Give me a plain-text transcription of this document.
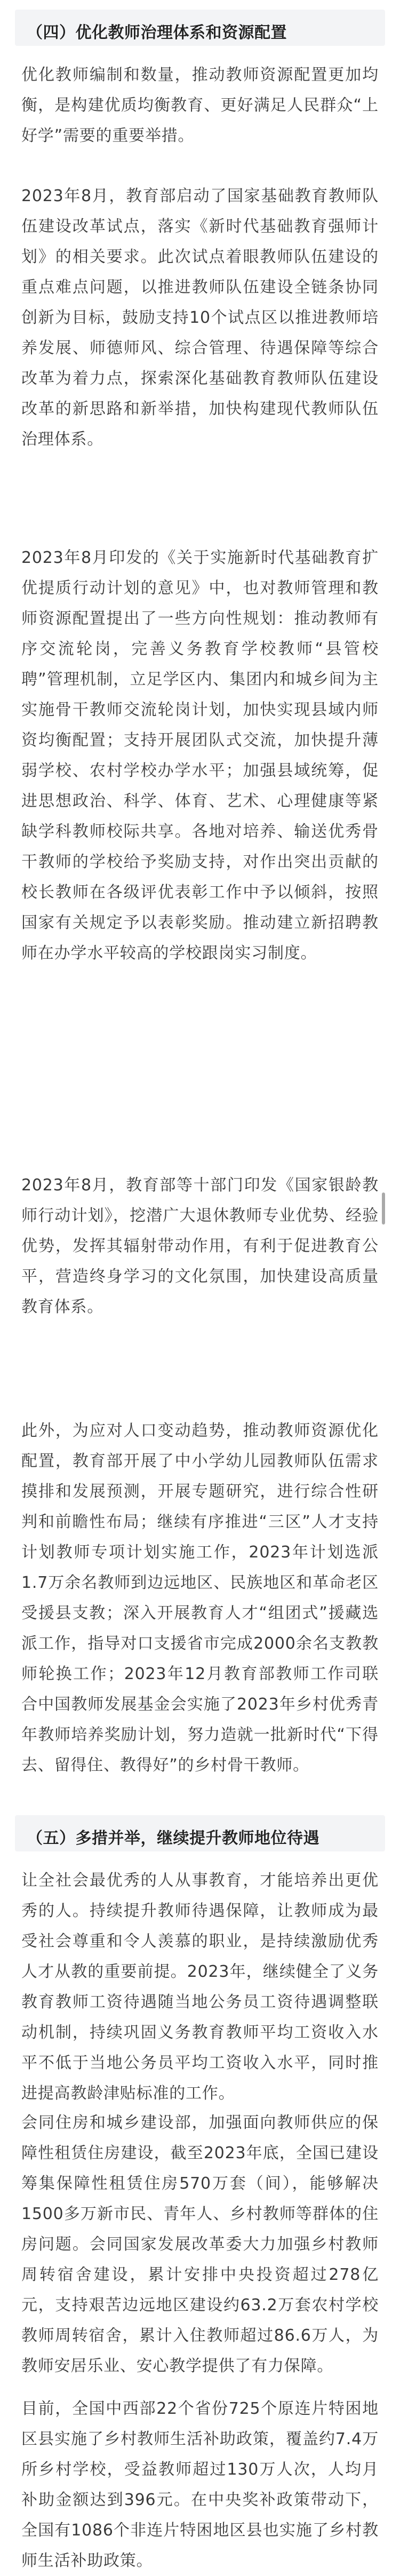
（四）优化教师治理体系和资源配置

优化教师编制和数量，推动教师资源配置更加均衡，是构建优质均衡教育、更好满足人民群众“上好学”需要的重要举措。

2023年8月，教育部启动了国家基础教育教师队伍建设改革试点，落实《新时代基础教育强师计划》的相关要求。此次试点着眼教师队伍建设的重点难点问题，以推进教师队伍建设全链条协同创新为目标，鼓励支持10个试点区以推进教师培养发展、师德师风、综合管理、待遇保障等综合改革为着力点，探索深化基础教育教师队伍建设改革的新思路和新举措，加快构建现代教师队伍治理体系。

2023年8月印发的《关于实施新时代基础教育扩优提质行动计划的意见》中，也对教师管理和教师资源配置提出了一些方向性规划：推动教师有序交流轮岗，完善义务教育学校教师“县管校聘”管理机制，立足学区内、集团内和城乡间为主实施骨干教师交流轮岗计划，加快实现县域内师资均衡配置；支持开展团队式交流，加快提升薄弱学校、农村学校办学水平；加强县域统筹，促进思想政治、科学、体育、艺术、心理健康等紧缺学科教师校际共享。各地对培养、输送优秀骨干教师的学校给予奖励支持，对作出突出贡献的校长教师在各级评优表彰工作中予以倾斜，按照国家有关规定予以表彰奖励。推动建立新招聘教师在办学水平较高的学校跟岗实习制度。

2023年8月，教育部等十部门印发《国家银龄教师行动计划》，挖潜广大退休教师专业优势、经验优势，发挥其辐射带动作用，有利于促进教育公平，营造终身学习的文化氛围，加快建设高质量教育体系。

此外，为应对人口变动趋势，推动教师资源优化配置，教育部开展了中小学幼儿园教师队伍需求摸排和发展预测，开展专题研究，进行综合性研判和前瞻性布局；继续有序推进“三区”人才支持计划教师专项计划实施工作，2023年计划选派1.7万余名教师到边远地区、民族地区和革命老区受援县支教；深入开展教育人才“组团式”援藏选派工作，指导对口支援省市完成2000余名支教教师轮换工作；2023年12月教育部教师工作司联合中国教师发展基金会实施了2023年乡村优秀青年教师培养奖励计划，努力造就一批新时代“下得去、留得住、教得好”的乡村骨干教师。

（五）多措并举，继续提升教师地位待遇

让全社会最优秀的人从事教育，才能培养出更优秀的人。持续提升教师待遇保障，让教师成为最受社会尊重和令人羡慕的职业，是持续激励优秀人才从教的重要前提。2023年，继续健全了义务教育教师工资待遇随当地公务员工资待遇调整联动机制，持续巩固义务教育教师平均工资收入水平不低于当地公务员平均工资收入水平，同时推进提高教龄津贴标准的工作。

会同住房和城乡建设部，加强面向教师供应的保障性租赁住房建设，截至2023年底，全国已建设筹集保障性租赁住房570万套（间），能够解决1500多万新市民、青年人、乡村教师等群体的住房问题。会同国家发展改革委大力加强乡村教师周转宿舍建设，累计安排中央投资超过278亿元，支持艰苦边远地区建设约63.2万套农村学校教师周转宿舍，累计入住教师超过86.6万人，为教师安居乐业、安心教学提供了有力保障。

目前，全国中西部22个省份725个原连片特困地区县实施了乡村教师生活补助政策，覆盖约7.4万所乡村学校，受益教师超过130万人次，人均月补助金额达到396元。在中央奖补政策带动下，全国有1086个非连片特困地区县也实施了乡村教师生活补助政策。
